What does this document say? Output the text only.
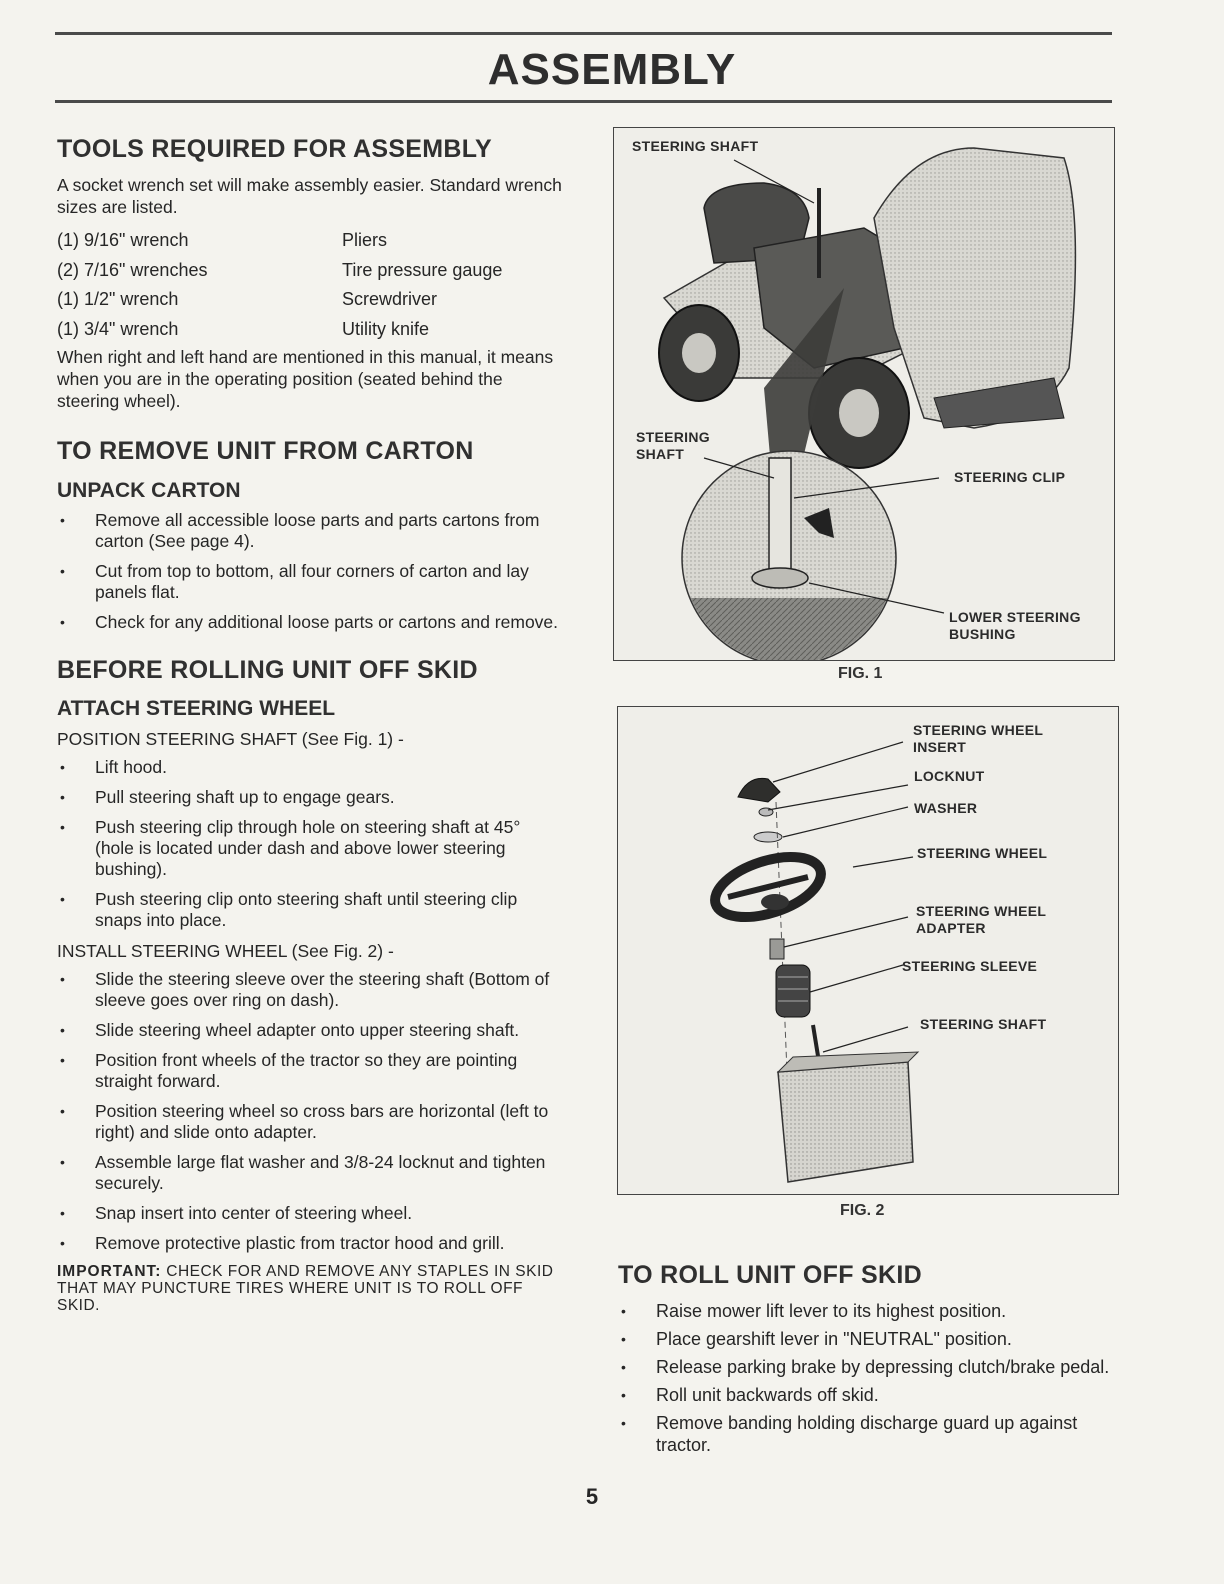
ASSEMBLY
TOOLS REQUIRED FOR ASSEMBLY

A socket wrench set will make assembly easier. Standard wrench sizes are listed.

(1) 9/16" wrench	Pliers
(2) 7/16" wrenches	Tire pressure gauge
(1) 1/2" wrench	Screwdriver
(1) 3/4" wrench	Utility knife

When right and left hand are mentioned in this manual, it means when you are in the operating position (seated behind the steering wheel).

TO REMOVE UNIT FROM CARTON
UNPACK CARTON
• Remove all accessible loose parts and parts cartons from carton (See page 4).
• Cut from top to bottom, all four corners of carton and lay panels flat.
• Check for any additional loose parts or cartons and remove.
BEFORE ROLLING UNIT OFF SKID
ATTACH STEERING WHEEL
POSITION STEERING SHAFT (See Fig. 1) -
• Lift hood.
• Pull steering shaft up to engage gears.
• Push steering clip through hole on steering shaft at 45° (hole is located under dash and above lower steering bushing).
• Push steering clip onto steering shaft until steering clip snaps into place.
INSTALL STEERING WHEEL (See Fig. 2) -
• Slide the steering sleeve over the steering shaft (Bottom of sleeve goes over ring on dash).
• Slide steering wheel adapter onto upper steering shaft.
• Position front wheels of the tractor so they are pointing straight forward.
• Position steering wheel so cross bars are horizontal (left to right) and slide onto adapter.
• Assemble large flat washer and 3/8-24 locknut and tighten securely.
• Snap insert into center of steering wheel.
• Remove protective plastic from tractor hood and grill.
IMPORTANT: CHECK FOR AND REMOVE ANY STAPLES IN SKID THAT MAY PUNCTURE TIRES WHERE UNIT IS TO ROLL OFF SKID.
STEERING SHAFT
STEERING SHAFT
STEERING CLIP
LOWER STEERING BUSHING
FIG. 1
STEERING WHEEL INSERT
LOCKNUT
WASHER
STEERING WHEEL
STEERING WHEEL ADAPTER
STEERING SLEEVE
STEERING SHAFT
FIG. 2
TO ROLL UNIT OFF SKID
• Raise mower lift lever to its highest position.
• Place gearshift lever in "NEUTRAL" position.
• Release parking brake by depressing clutch/brake pedal.
• Roll unit backwards off skid.
• Remove banding holding discharge guard up against tractor.
5
